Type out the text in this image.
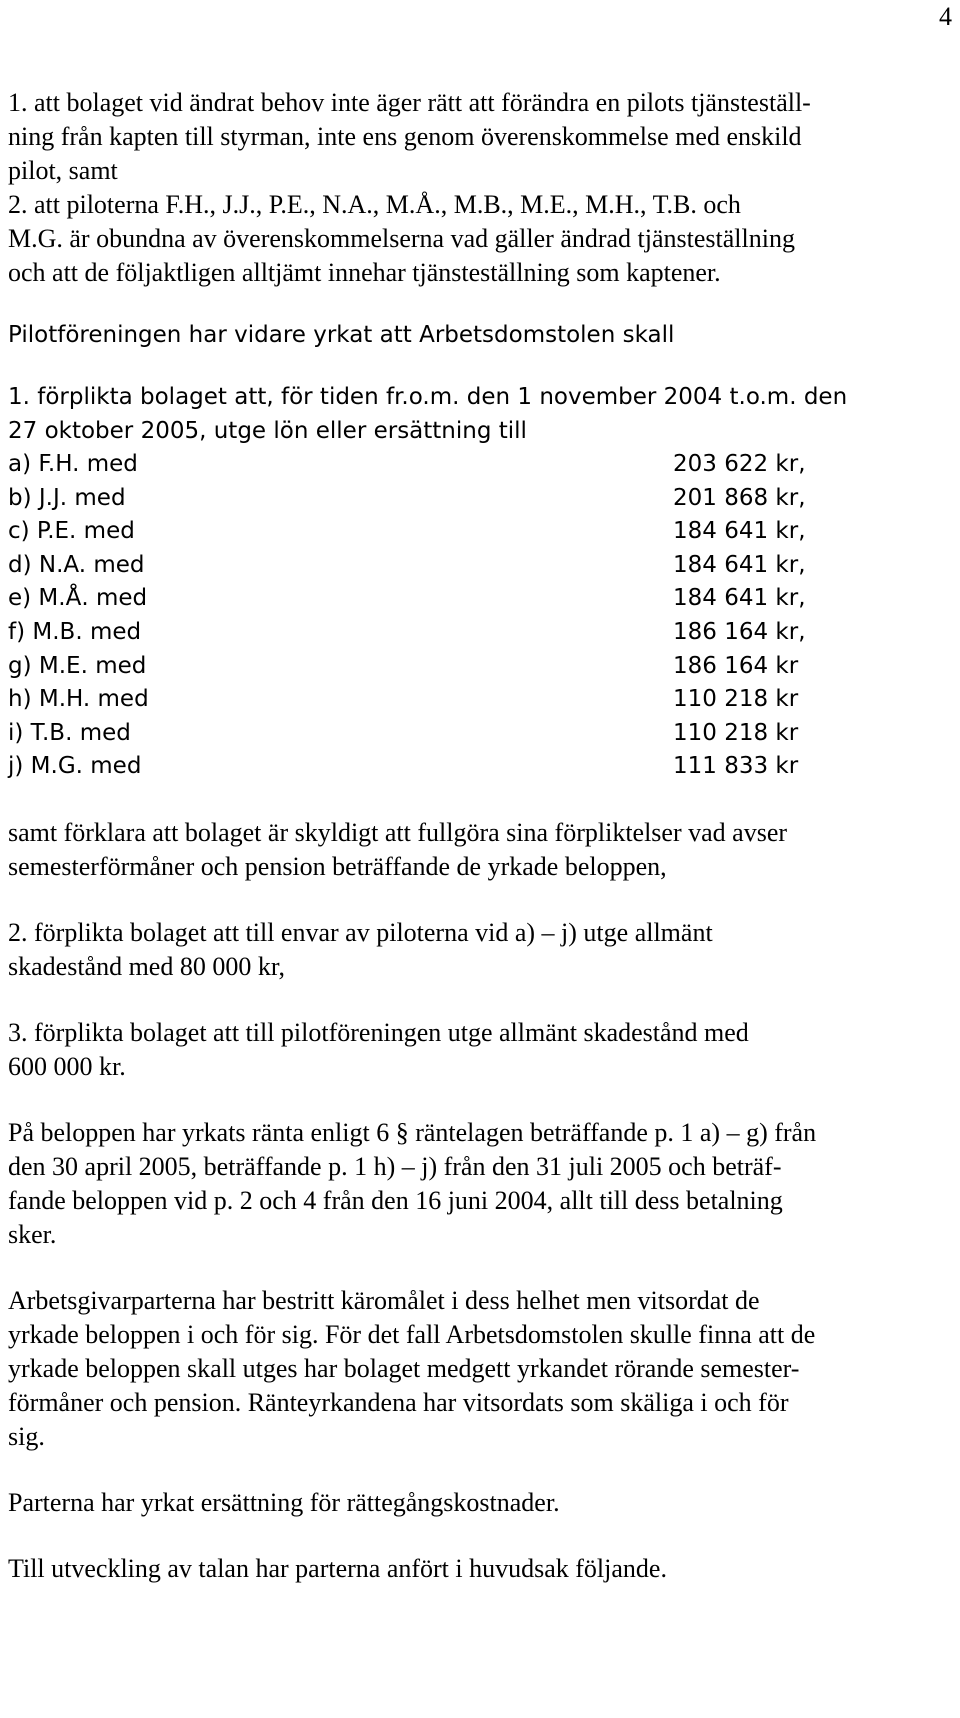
4
1. att bolaget vid ändrat behov inte äger rätt att förändra en pilots tjänsteställ-
ning från kapten till styrman, inte ens genom överenskommelse med enskild
pilot, samt
2. att piloterna F.H., J.J., P.E., N.A., M.Å., M.B., M.E., M.H., T.B. och
M.G. är obundna av överenskommelserna vad gäller ändrad tjänsteställning
och att de följaktligen alltjämt innehar tjänsteställning som kaptener.
Pilotföreningen har vidare yrkat att Arbetsdomstolen skall
1. förplikta bolaget att, för tiden fr.o.m. den 1 november 2004 t.o.m. den
27 oktober 2005, utge lön eller ersättning till
a) F.H. med	203 622 kr,
b) J.J. med	201 868 kr,
c) P.E. med	184 641 kr,
d) N.A. med	184 641 kr,
e) M.Å. med	184 641 kr,
f) M.B. med	186 164 kr,
g) M.E. med	186 164 kr
h) M.H. med	110 218 kr
i) T.B. med	110 218 kr
j) M.G. med	111 833 kr
samt förklara att bolaget är skyldigt att fullgöra sina förpliktelser vad avser
semesterförmåner och pension beträffande de yrkade beloppen,
2. förplikta bolaget att till envar av piloterna vid a) – j) utge allmänt
skadestånd med 80 000 kr,
3. förplikta bolaget att till pilotföreningen utge allmänt skadestånd med
600 000 kr.
På beloppen har yrkats ränta enligt 6 § räntelagen beträffande p. 1 a) – g) från
den 30 april 2005, beträffande p. 1 h) – j) från den 31 juli 2005 och beträf-
fande beloppen vid p. 2 och 4 från den 16 juni 2004, allt till dess betalning
sker.
Arbetsgivarparterna har bestritt käromålet i dess helhet men vitsordat de
yrkade beloppen i och för sig. För det fall Arbetsdomstolen skulle finna att de
yrkade beloppen skall utges har bolaget medgett yrkandet rörande semester-
förmåner och pension. Ränteyrkandena har vitsordats som skäliga i och för
sig.
Parterna har yrkat ersättning för rättegångskostnader.
Till utveckling av talan har parterna anfört i huvudsak följande.
